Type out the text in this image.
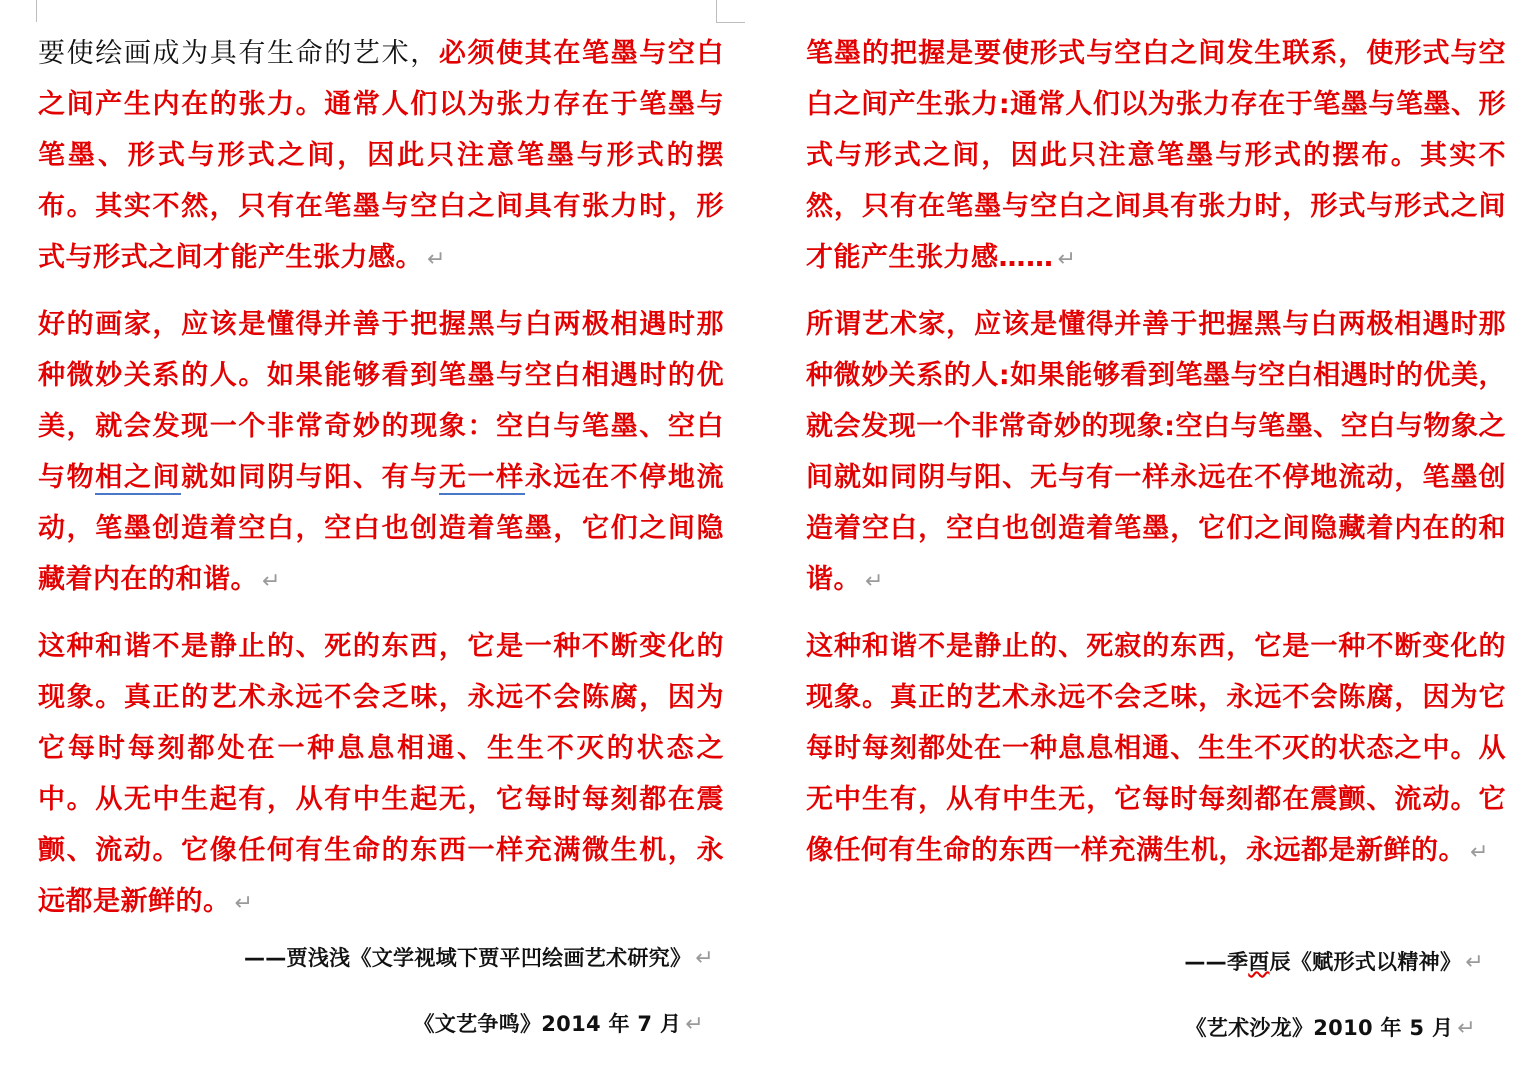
要使绘画成为具有生命的艺术，必须使其在笔墨与空白之间产生内在的张力。通常人们以为张力存在于笔墨与笔墨、形式与形式之间，因此只注意笔墨与形式的摆布。其实不然，只有在笔墨与空白之间具有张力时，形式与形式之间才能产生张力感。 ↵

好的画家，应该是懂得并善于把握黑与白两极相遇时那种微妙关系的人。如果能够看到笔墨与空白相遇时的优美，就会发现一个非常奇妙的现象：空白与笔墨、空白与物相之间就如同阴与阳、有与无一样永远在不停地流动，笔墨创造着空白，空白也创造着笔墨，它们之间隐藏着内在的和谐。 ↵

这种和谐不是静止的、死的东西，它是一种不断变化的现象。真正的艺术永远不会乏味，永远不会陈腐，因为它每时每刻都处在一种息息相通、生生不灭的状态之中。从无中生起有，从有中生起无，它每时每刻都在震颤、流动。它像任何有生命的东西一样充满微生机，永远都是新鲜的。 ↵

——贾浅浅《文学视域下贾平凹绘画艺术研究》 ↵
《文艺争鸣》2014 年 7 月 ↵

笔墨的把握是要使形式与空白之间发生联系，使形式与空白之间产生张力:通常人们以为张力存在于笔墨与笔墨、形式与形式之间，因此只注意笔墨与形式的摆布。其实不然，只有在笔墨与空白之间具有张力时，形式与形式之间才能产生张力感…… ↵

所谓艺术家，应该是懂得并善于把握黑与白两极相遇时那种微妙关系的人:如果能够看到笔墨与空白相遇时的优美，就会发现一个非常奇妙的现象:空白与笔墨、空白与物象之间就如同阴与阳、无与有一样永远在不停地流动，笔墨创造着空白，空白也创造着笔墨，它们之间隐藏着内在的和谐。 ↵

这种和谐不是静止的、死寂的东西，它是一种不断变化的现象。真正的艺术永远不会乏味，永远不会陈腐，因为它每时每刻都处在一种息息相通、生生不灭的状态之中。从无中生有，从有中生无，它每时每刻都在震颤、流动。它像任何有生命的东西一样充满生机，永远都是新鲜的。 ↵

——季酉辰《赋形式以精神》 ↵
《艺术沙龙》2010 年 5 月 ↵
